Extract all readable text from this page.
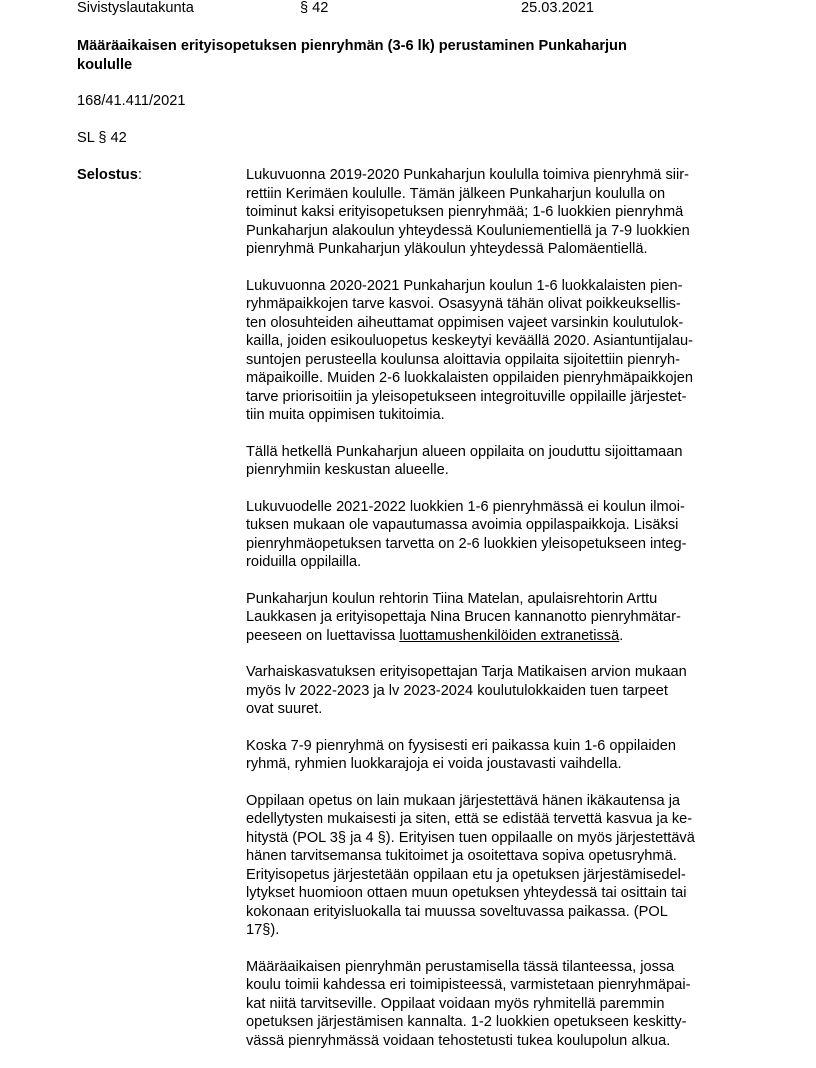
Sivistyslautakunta	§ 42	25.03.2021
Määräaikaisen erityisopetuksen pienryhmän (3-6 lk) perustaminen Punkaharjun
koululle
168/41.411/2021
SL § 42
Selostus:	Lukuvuonna 2019-2020 Punkaharjun koululla toimiva pienryhmä siir-
rettiin Kerimäen koululle. Tämän jälkeen Punkaharjun koululla on
toiminut kaksi erityisopetuksen pienryhmää; 1-6 luokkien pienryhmä
Punkaharjun alakoulun yhteydessä Kouluniementiellä ja 7-9 luokkien
pienryhmä Punkaharjun yläkoulun yhteydessä Palomäentiellä.
Lukuvuonna 2020-2021 Punkaharjun koulun 1-6 luokkalaisten pien-
ryhmäpaikkojen tarve kasvoi. Osasyynä tähän olivat poikkeuksellis-
ten olosuhteiden aiheuttamat oppimisen vajeet varsinkin koulutulok-
kailla, joiden esikouluopetus keskeytyi keväällä 2020. Asiantuntijalau-
suntojen perusteella koulunsa aloittavia oppilaita sijoitettiin pienryh-
mäpaikoille. Muiden 2-6 luokkalaisten oppilaiden pienryhmäpaikkojen
tarve priorisoitiin ja yleisopetukseen integroituville oppilaille järjestet-
tiin muita oppimisen tukitoimia.
Tällä hetkellä Punkaharjun alueen oppilaita on jouduttu sijoittamaan
pienryhmiin keskustan alueelle.
Lukuvuodelle 2021-2022 luokkien 1-6 pienryhmässä ei koulun ilmoi-
tuksen mukaan ole vapautumassa avoimia oppilaspaikkoja. Lisäksi
pienryhmäopetuksen tarvetta on 2-6 luokkien yleisopetukseen integ-
roiduilla oppilailla.
Punkaharjun koulun rehtorin Tiina Matelan, apulaisrehtorin Arttu
Laukkasen ja erityisopettaja Nina Brucen kannanotto pienryhmätar-
peeseen on luettavissa luottamushenkilöiden extranetissä.
Varhaiskasvatuksen erityisopettajan Tarja Matikaisen arvion mukaan
myös lv 2022-2023 ja lv 2023-2024 koulutulokkaiden tuen tarpeet
ovat suuret.
Koska 7-9 pienryhmä on fyysisesti eri paikassa kuin 1-6 oppilaiden
ryhmä, ryhmien luokkarajoja ei voida joustavasti vaihdella.
Oppilaan opetus on lain mukaan järjestettävä hänen ikäkautensa ja
edellytysten mukaisesti ja siten, että se edistää tervettä kasvua ja ke-
hitystä (POL 3§ ja 4 §). Erityisen tuen oppilaalle on myös järjestettävä
hänen tarvitsemansa tukitoimet ja osoitettava sopiva opetusryhmä.
Erityisopetus järjestetään oppilaan etu ja opetuksen järjestämisedel-
lytykset huomioon ottaen muun opetuksen yhteydessä tai osittain tai
kokonaan erityisluokalla tai muussa soveltuvassa paikassa. (POL
17§).
Määräaikaisen pienryhmän perustamisella tässä tilanteessa, jossa
koulu toimii kahdessa eri toimipisteessä, varmistetaan pienryhmäpai-
kat niitä tarvitseville. Oppilaat voidaan myös ryhmitellä paremmin
opetuksen järjestämisen kannalta. 1-2 luokkien opetukseen keskitty-
vässä pienryhmässä voidaan tehostetusti tukea koulupolun alkua.
